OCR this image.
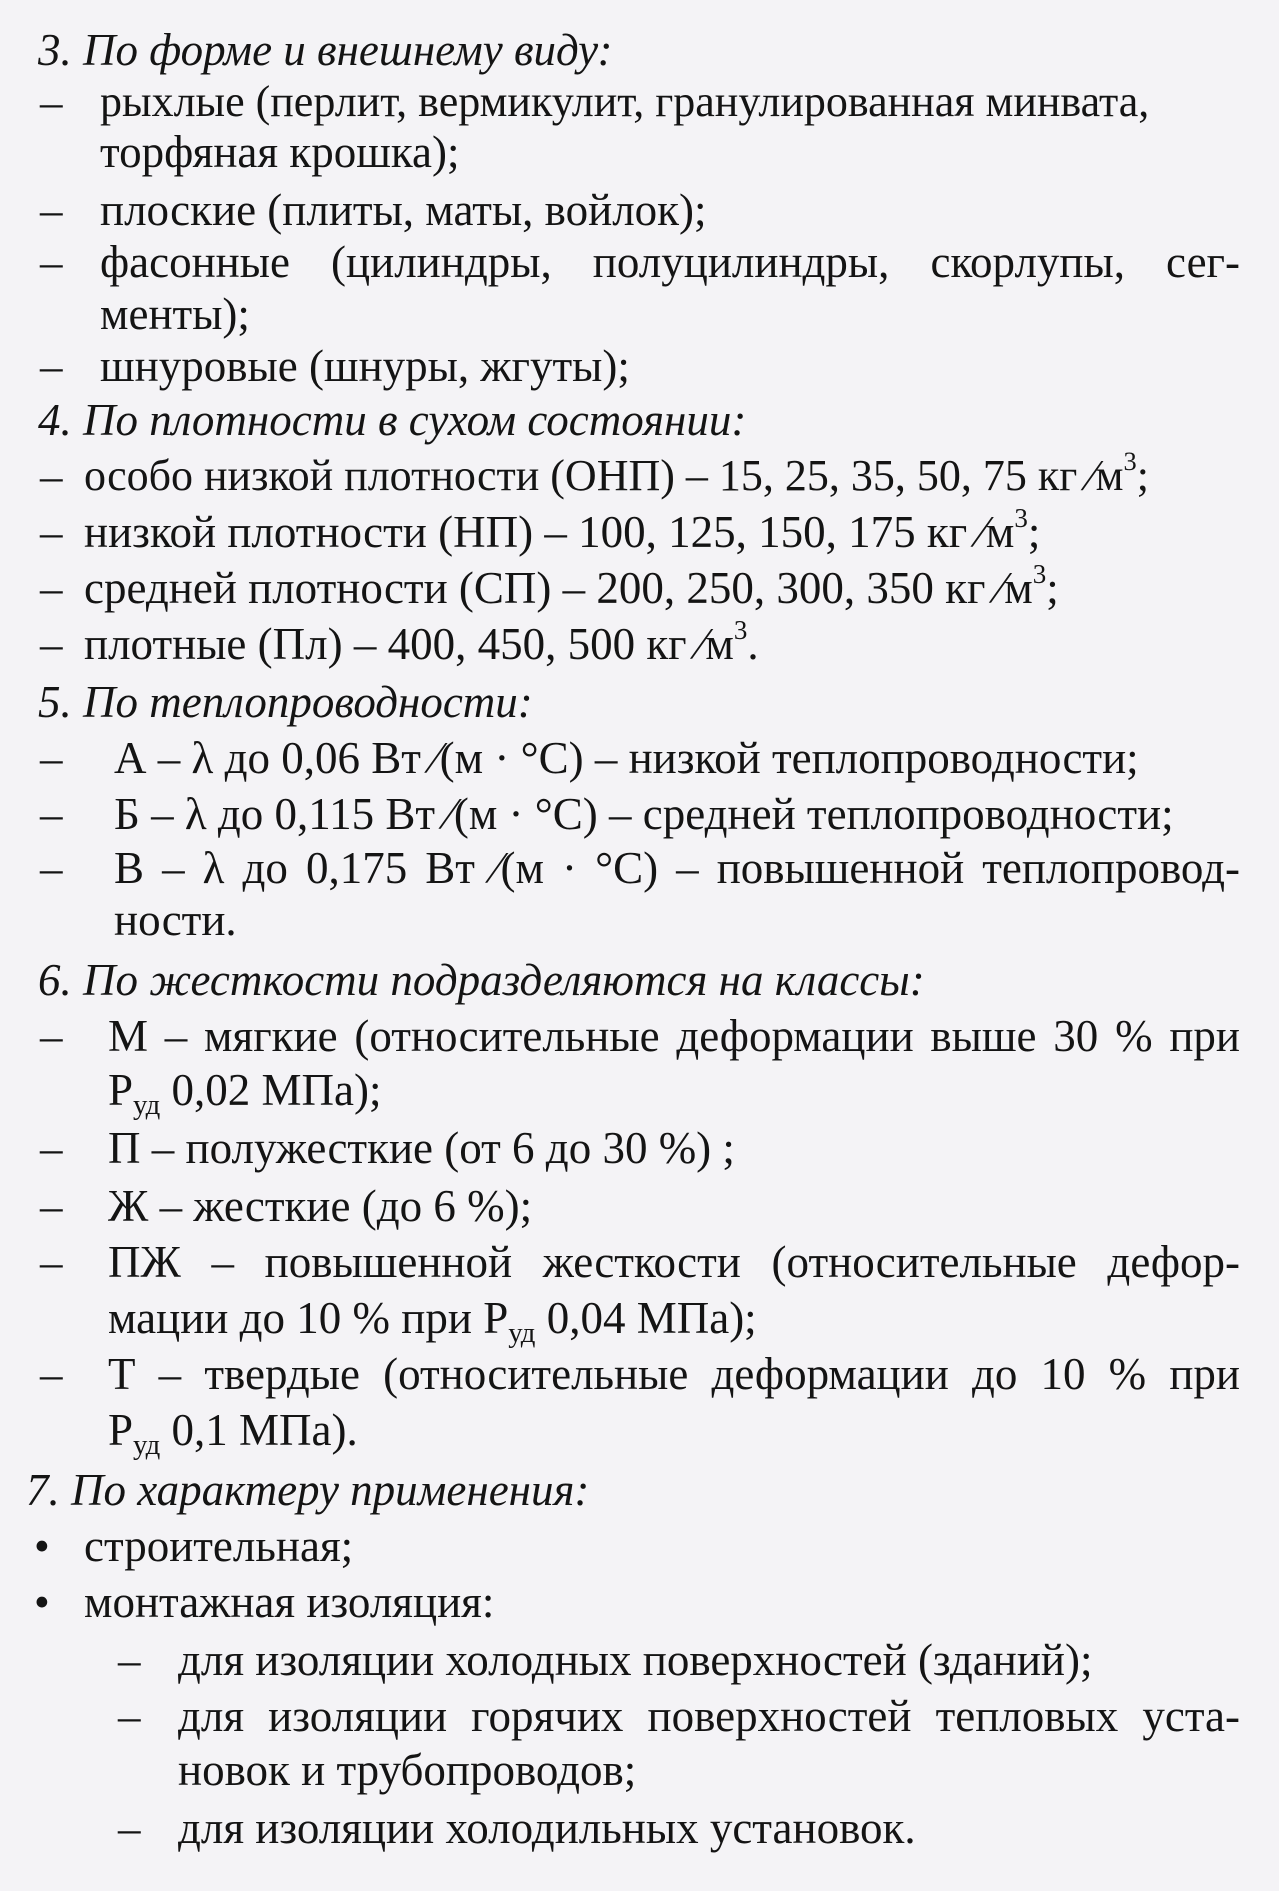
3. По форме и внешнему виду:
– рыхлые (перлит, вермикулит, гранулированная минвата,
торфяная крошка);
– плоские (плиты, маты, войлок);
– фасонные (цилиндры, полуцилиндры, скорлупы, сег-
менты);
– шнуровые (шнуры, жгуты);
4. По плотности в сухом состоянии:
– особо низкой плотности (ОНП) – 15, 25, 35, 50, 75 кг $⁄м^3$;
– низкой плотности (НП) – 100, 125, 150, 175 кг $⁄м^3$;
– средней плотности (СП) – 200, 250, 300, 350 кг $⁄м^3$;
– плотные (Пл) – 400, 450, 500 кг $⁄м^3$.
5. По теплопроводности:
– А – λ до 0,06 Вт ⁄(м · °С) – низкой теплопроводности;
– Б – λ до 0,115 Вт ⁄(м · °С) – средней теплопроводности;
– В – λ до 0,175 Вт ⁄(м · °С) – повышенной теплопровод-
ности.
6. По жесткости подразделяются на классы:
– М – мягкие (относительные деформации выше 30 % при
$Р_{уд}$ 0,02 МПа);
– П – полужесткие (от 6 до 30 %) ;
– Ж – жесткие (до 6 %);
– ПЖ – повышенной жесткости (относительные дефор-
мации до 10 % при $Р_{уд}$ 0,04 МПа);
– Т – твердые (относительные деформации до 10 % при
$Р_{уд}$ 0,1 МПа).
7. По характеру применения:
• строительная;
• монтажная изоляция:
– для изоляции холодных поверхностей (зданий);
– для изоляции горячих поверхностей тепловых уста-
новок и трубопроводов;
– для изоляции холодильных установок.
